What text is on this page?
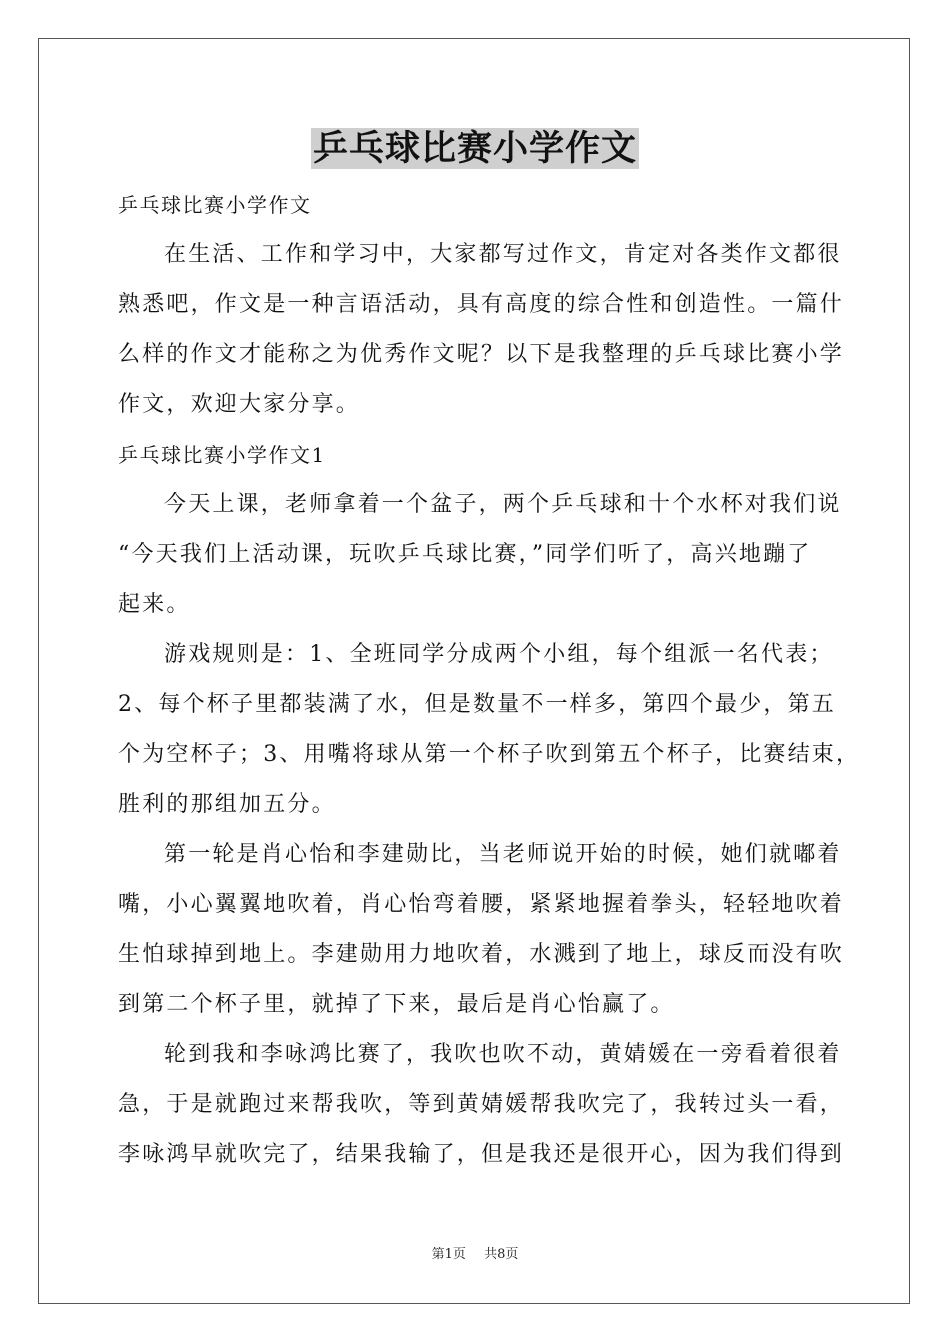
乒乓球比赛小学作文
乒乓球比赛小学作文
在生活、工作和学习中，大家都写过作文，肯定对各类作文都很
熟悉吧，作文是一种言语活动，具有高度的综合性和创造性。一篇什
么样的作文才能称之为优秀作文呢？以下是我整理的乒乓球比赛小学
作文，欢迎大家分享。
乒乓球比赛小学作文1
今天上课，老师拿着一个盆子，两个乒乓球和十个水杯对我们说
“今天我们上活动课，玩吹乒乓球比赛，”同学们听了，高兴地蹦了
起来。
游戏规则是：1、全班同学分成两个小组，每个组派一名代表；
2、每个杯子里都装满了水，但是数量不一样多，第四个最少，第五
个为空杯子；3、用嘴将球从第一个杯子吹到第五个杯子，比赛结束，
胜利的那组加五分。
第一轮是肖心怡和李建勋比，当老师说开始的时候，她们就嘟着
嘴，小心翼翼地吹着，肖心怡弯着腰，紧紧地握着拳头，轻轻地吹着
生怕球掉到地上。李建勋用力地吹着，水溅到了地上，球反而没有吹
到第二个杯子里，就掉了下来，最后是肖心怡赢了。
轮到我和李咏鸿比赛了，我吹也吹不动，黄婧媛在一旁看着很着
急，于是就跑过来帮我吹，等到黄婧媛帮我吹完了，我转过头一看，
李咏鸿早就吹完了，结果我输了，但是我还是很开心，因为我们得到
第1页 共8页
